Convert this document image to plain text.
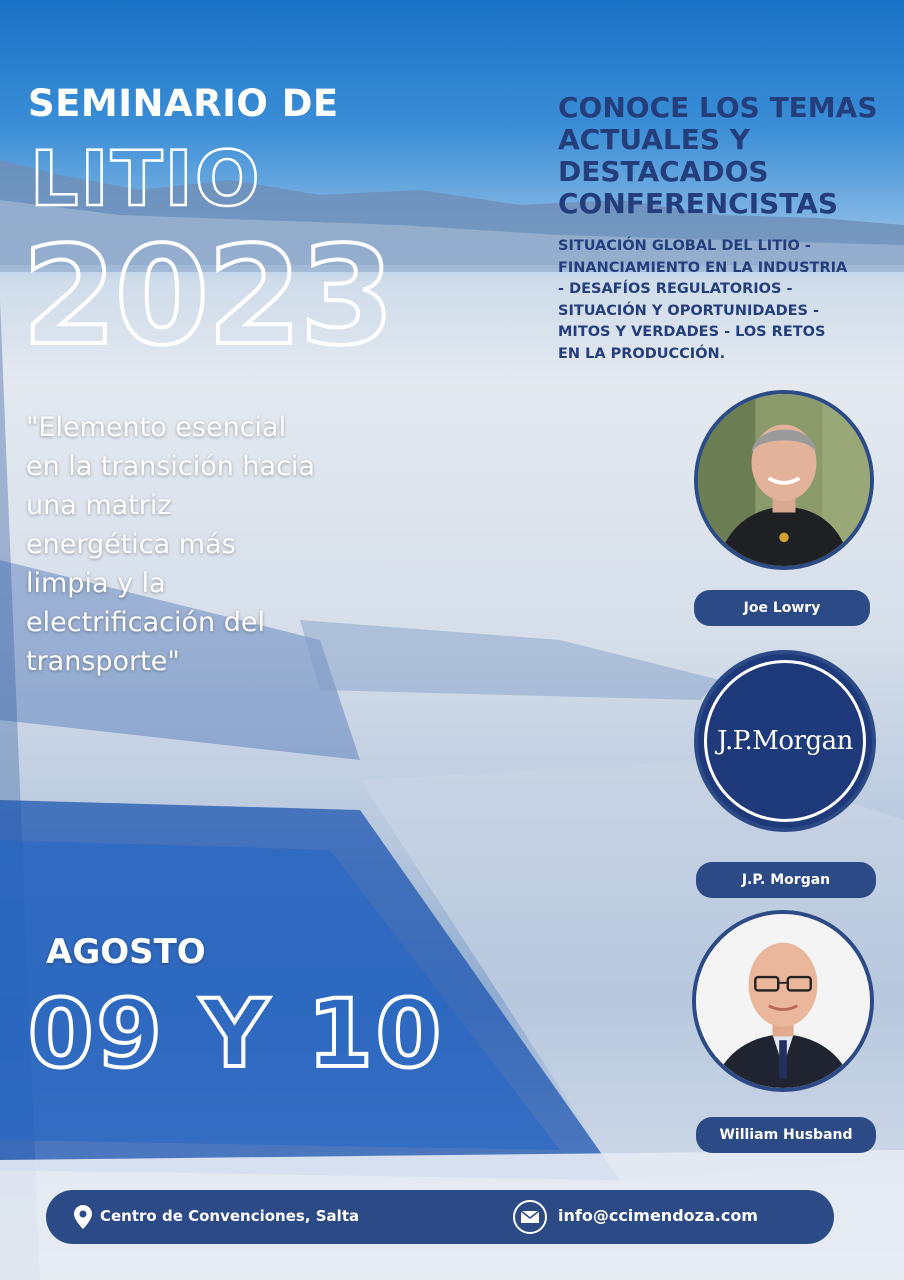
SEMINARIO DE
LITIO
2023

"Elemento esencial en la transición hacia una matriz energética más limpia y la electrificación del transporte"

AGOSTO
09 Y 10
CONOCE LOS TEMAS ACTUALES Y DESTACADOS CONFERENCISTAS

SITUACIÓN GLOBAL DEL LITIO - FINANCIAMIENTO EN LA INDUSTRIA - DESAFÍOS REGULATORIOS - SITUACIÓN Y OPORTUNIDADES - MITOS Y VERDADES - LOS RETOS EN LA PRODUCCIÓN.

Joe Lowry
J.P.Morgan
J.P. Morgan
William Husband
Centro de Convenciones, Salta	info@ccimendoza.com
